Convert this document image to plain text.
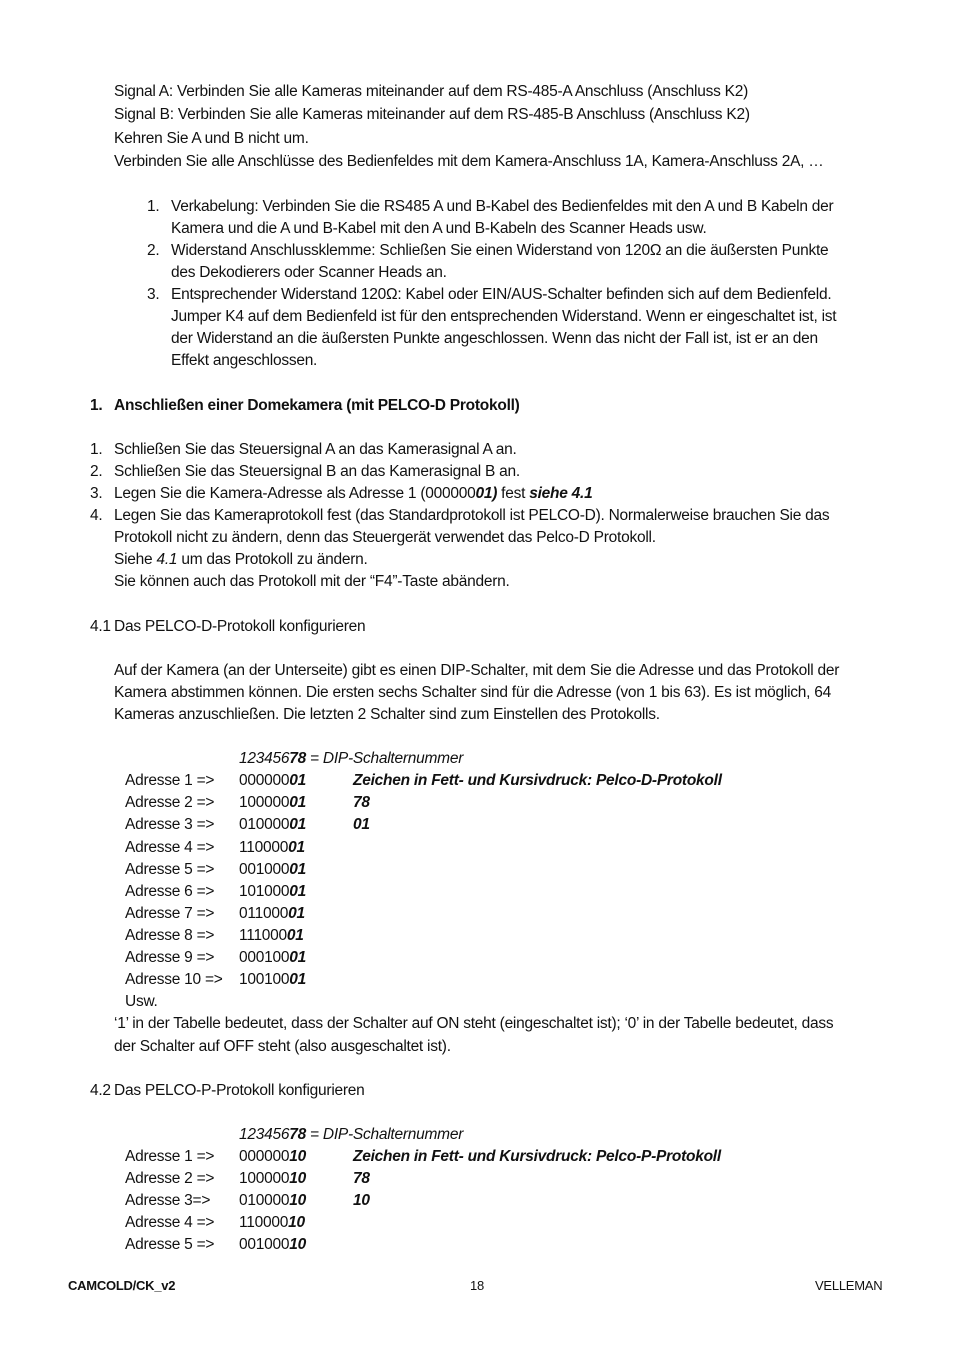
Signal A: Verbinden Sie alle Kameras miteinander auf dem RS-485-A Anschluss (Anschluss K2)
Signal B: Verbinden Sie alle Kameras miteinander auf dem RS-485-B Anschluss (Anschluss K2)
Kehren Sie A und B nicht um.
Verbinden Sie alle Anschlüsse des Bedienfeldes mit dem Kamera-Anschluss 1A, Kamera-Anschluss 2A, …
1. Verkabelung: Verbinden Sie die RS485 A und B-Kabel des Bedienfeldes mit den A und B Kabeln der
Kamera und die A und B-Kabel mit den A und B-Kabeln des Scanner Heads usw.
2. Widerstand Anschlussklemme: Schließen Sie einen Widerstand von 120Ω an die äußersten Punkte
des Dekodierers oder Scanner Heads an.
3. Entsprechender Widerstand 120Ω: Kabel oder EIN/AUS-Schalter befinden sich auf dem Bedienfeld.
Jumper K4 auf dem Bedienfeld ist für den entsprechenden Widerstand. Wenn er eingeschaltet ist, ist
der Widerstand an die äußersten Punkte angeschlossen. Wenn das nicht der Fall ist, ist er an den
Effekt angeschlossen.
1. Anschließen einer Domekamera (mit PELCO-D Protokoll)
1. Schließen Sie das Steuersignal A an das Kamerasignal A an.
2. Schließen Sie das Steuersignal B an das Kamerasignal B an.
3. Legen Sie die Kamera-Adresse als Adresse 1 (00000001) fest siehe 4.1
4. Legen Sie das Kameraprotokoll fest (das Standardprotokoll ist PELCO-D). Normalerweise brauchen Sie das
Protokoll nicht zu ändern, denn das Steuergerät verwendet das Pelco-D Protokoll.
Siehe 4.1 um das Protokoll zu ändern.
Sie können auch das Protokoll mit der “F4”-Taste abändern.
4.1 Das PELCO-D-Protokoll konfigurieren
Auf der Kamera (an der Unterseite) gibt es einen DIP-Schalter, mit dem Sie die Adresse und das Protokoll der
Kamera abstimmen können. Die ersten sechs Schalter sind für die Adresse (von 1 bis 63). Es ist möglich, 64
Kameras anzuschließen. Die letzten 2 Schalter sind zum Einstellen des Protokolls.
12345678 = DIP-Schalternummer
Adresse 1 => 00000001	Zeichen in Fett- und Kursivdruck: Pelco-D-Protokoll
Adresse 2 => 10000001	78
Adresse 3 => 01000001	01
Adresse 4 => 11000001
Adresse 5 => 00100001
Adresse 6 => 10100001
Adresse 7 => 01100001
Adresse 8 => 11100001
Adresse 9 => 00010001
Adresse 10 => 10010001
Usw.
‘1’ in der Tabelle bedeutet, dass der Schalter auf ON steht (eingeschaltet ist); ‘0’ in der Tabelle bedeutet, dass
der Schalter auf OFF steht (also ausgeschaltet ist).
4.2 Das PELCO-P-Protokoll konfigurieren
12345678 = DIP-Schalternummer
Adresse 1 => 00000010	Zeichen in Fett- und Kursivdruck: Pelco-P-Protokoll
Adresse 2 => 10000010	78
Adresse 3=> 01000010	10
Adresse 4 => 11000010
Adresse 5 => 00100010
CAMCOLD/CK_v2	18	VELLEMAN
